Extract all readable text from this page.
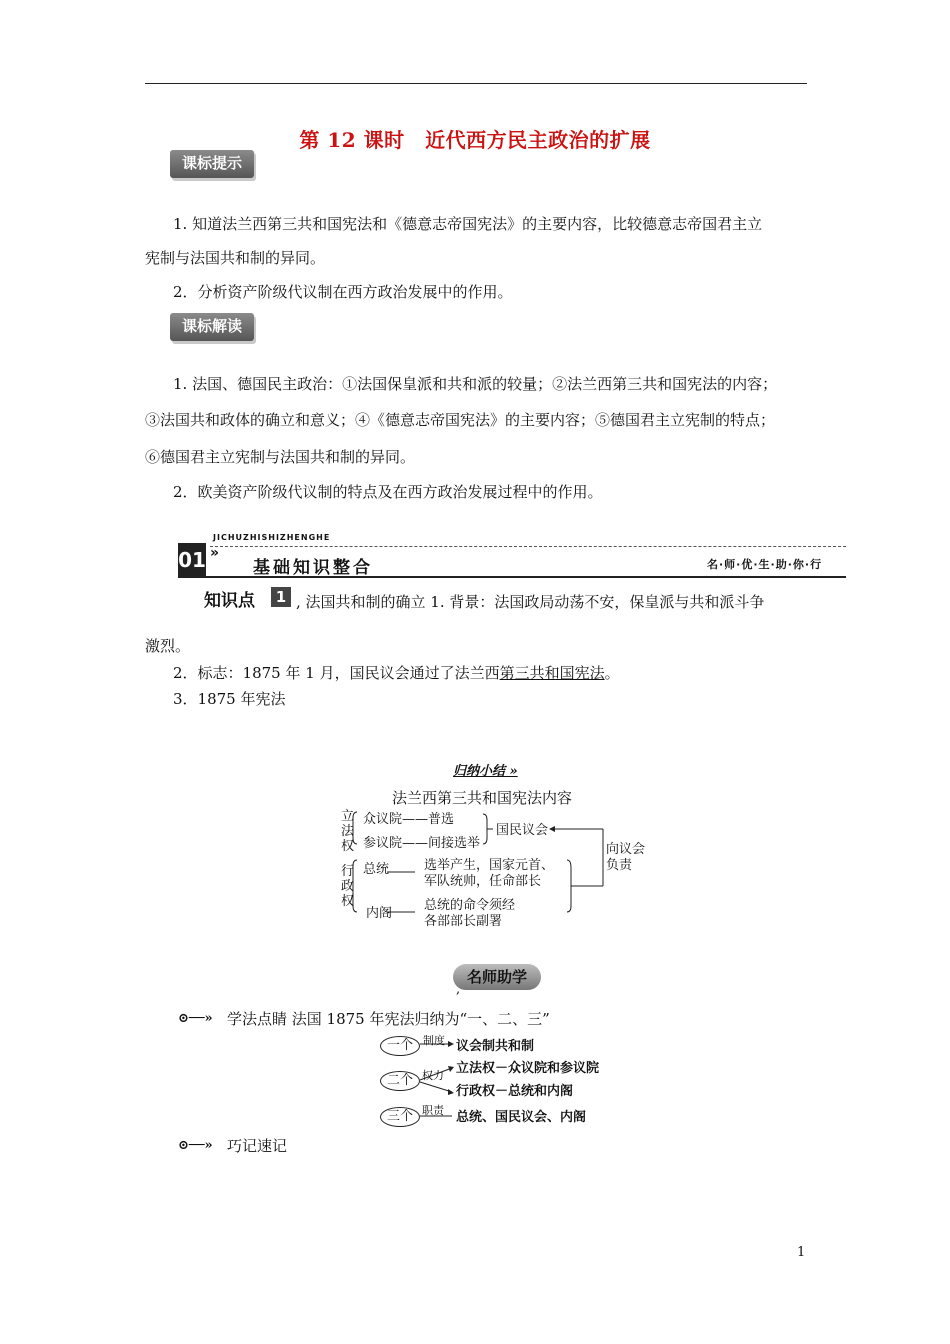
第 12 课时　近代西方民主政治的扩展
课标提示
1. 知道法兰西第三共和国宪法和《德意志帝国宪法》的主要内容，比较德意志帝国君主立
宪制与法国共和制的异同。
2．分析资产阶级代议制在西方政治发展中的作用。
课标解读
1. 法国、德国民主政治：①法国保皇派和共和派的较量；②法兰西第三共和国宪法的内容；
③法国共和政体的确立和意义；④《德意志帝国宪法》的主要内容；⑤德国君主立宪制的特点；
⑥德国君主立宪制与法国共和制的异同。
2．欧美资产阶级代议制的特点及在西方政治发展过程中的作用。
JICHUZHISHIZHENGHE
01 »
基础知识整合	名·师·优·生·助·你·行
知识点	1 , 法国共和制的确立 1. 背景：法国政局动荡不安，保皇派与共和派斗争
激烈。
2．标志：1875 年 1 月，国民议会通过了法兰西第三共和国宪法。
3．1875 年宪法
归纳小结 »
法兰西第三共和国宪法内容
立法权
众议院——普选
参议院——间接选举
国民议会
行政权
总统	选举产生，国家元首、
军队统帅，任命部长
内阁
总统的命令须经
各部部长副署
向议会
负责
名师助学
,
⊙──» 学法点睛 法国 1875 年宪法归纳为“一、二、三”
一个 制度 议会制共和制
二个 权力 立法权－众议院和参议院
行政权－总统和内阁
三个 职责 总统、国民议会、内阁
⊙──» 巧记速记
1
